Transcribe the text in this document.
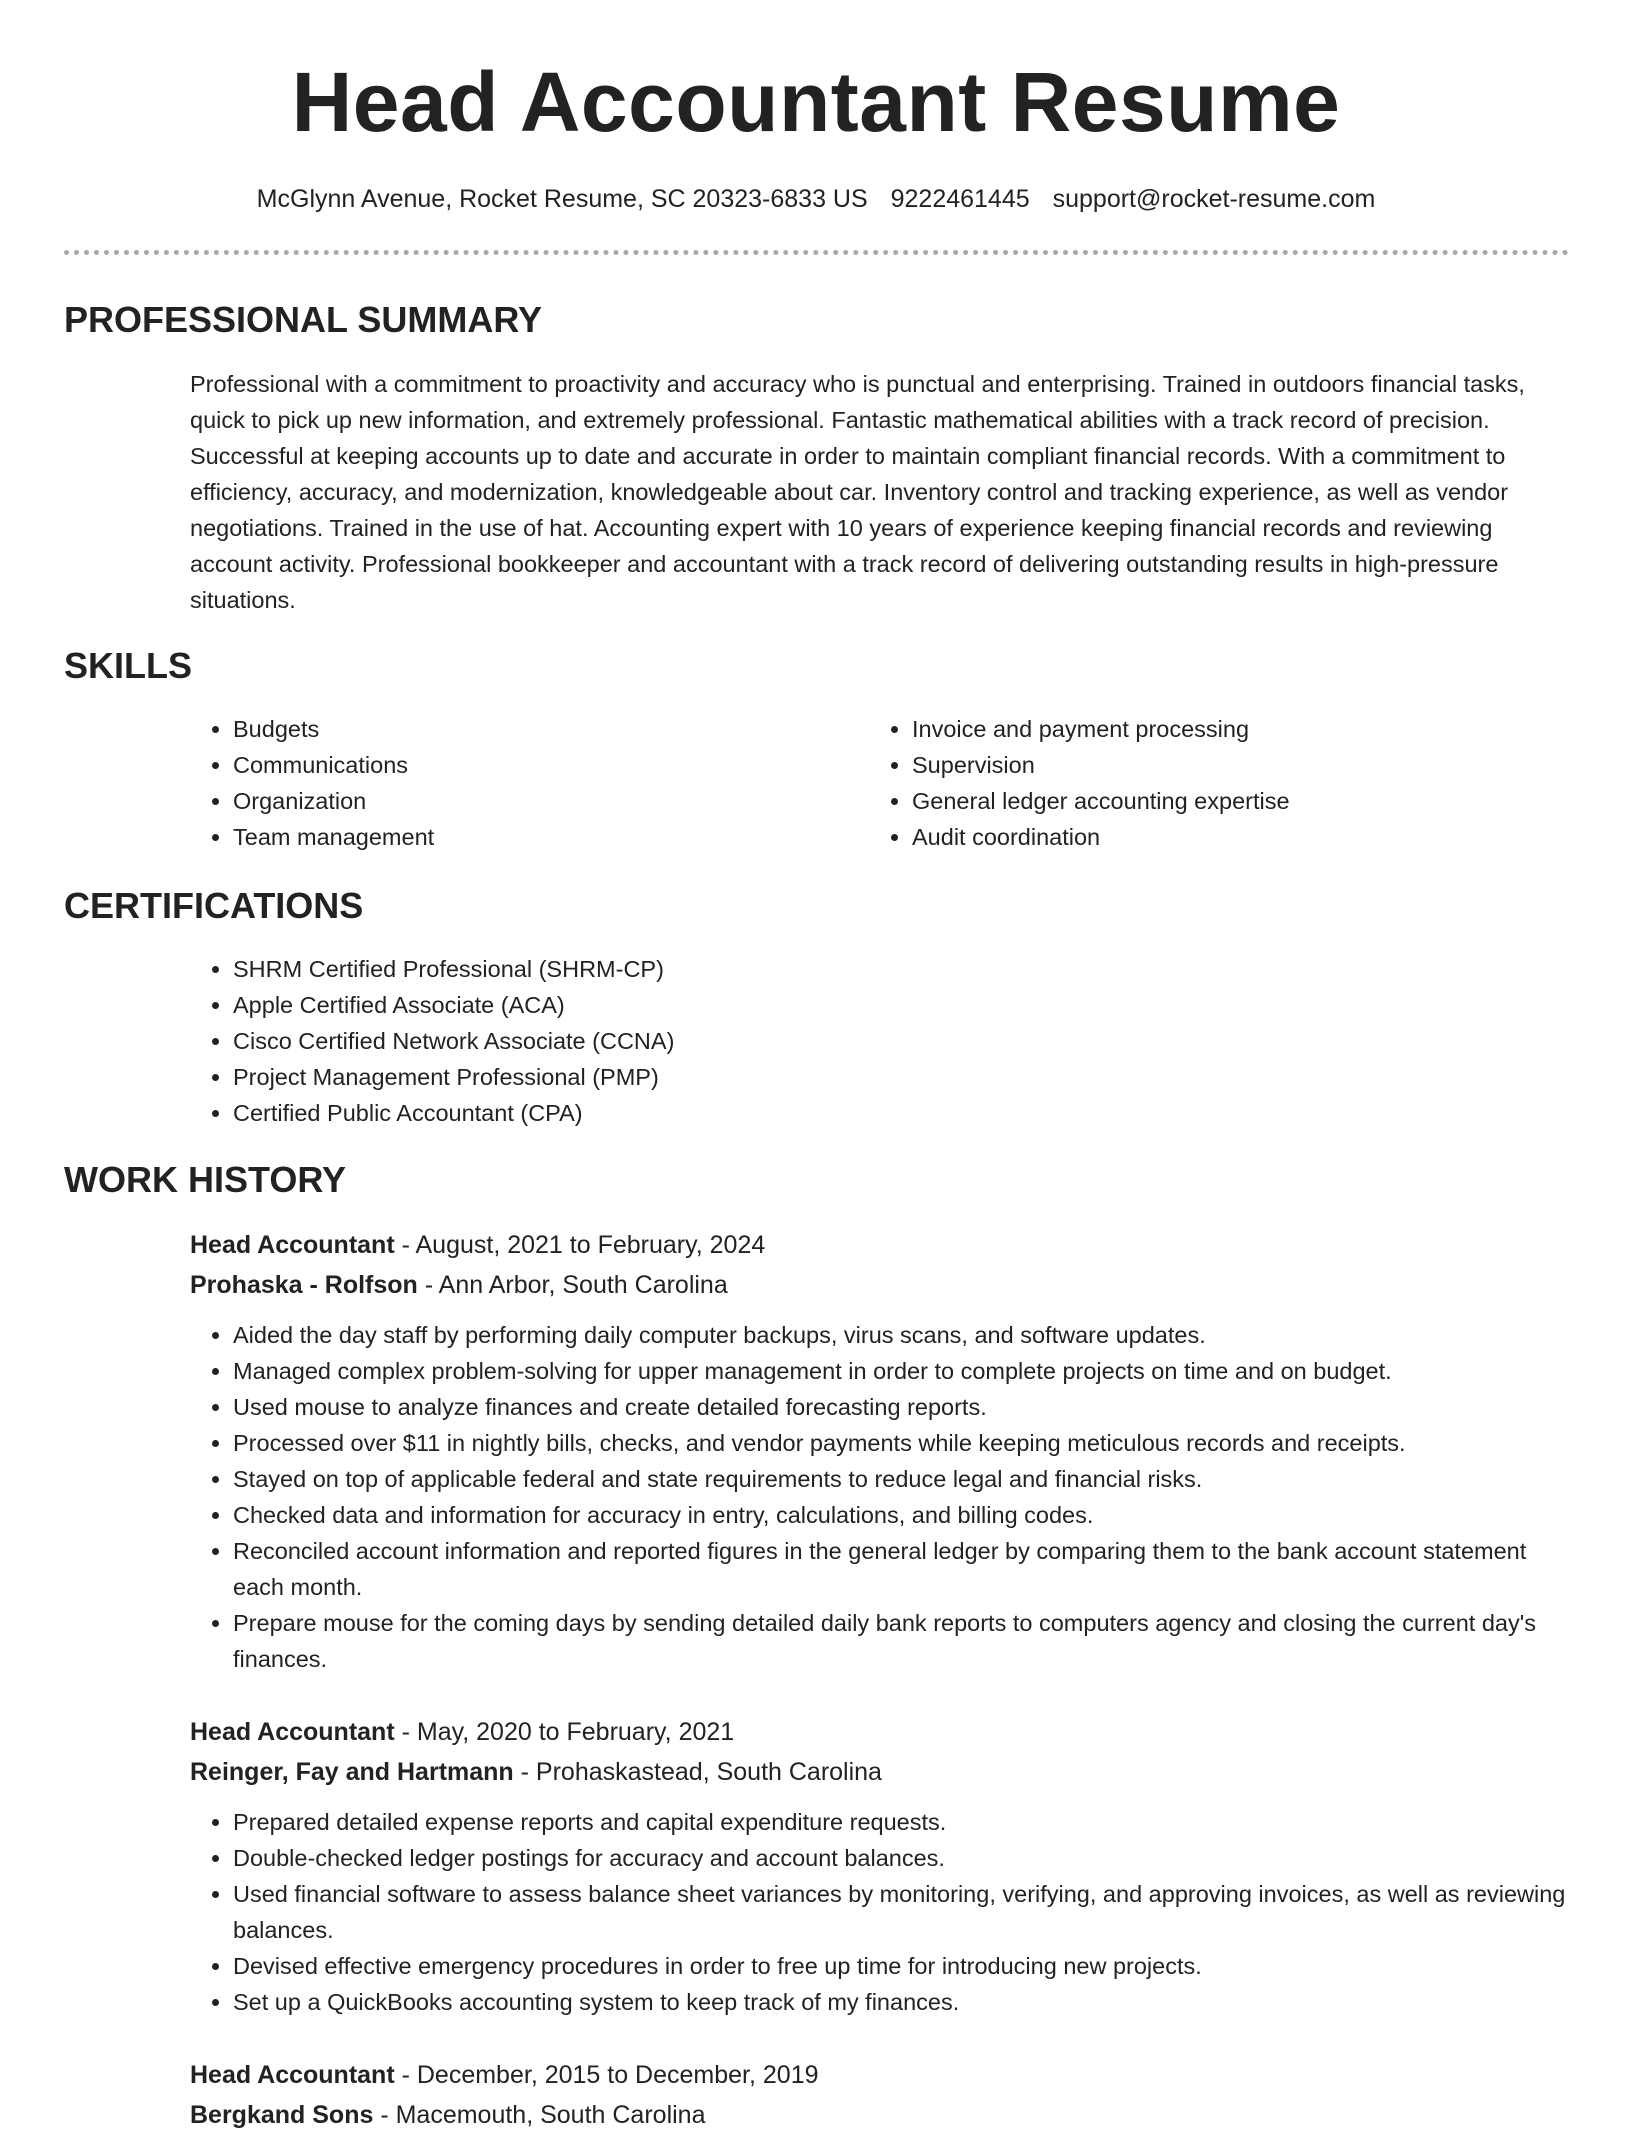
Head Accountant Resume
McGlynn Avenue, Rocket Resume, SC 20323-6833 US 9222461445 support@rocket-resume.com
PROFESSIONAL SUMMARY

Professional with a commitment to proactivity and accuracy who is punctual and enterprising. Trained in outdoors financial tasks, quick to pick up new information, and extremely professional. Fantastic mathematical abilities with a track record of precision. Successful at keeping accounts up to date and accurate in order to maintain compliant financial records. With a commitment to efficiency, accuracy, and modernization, knowledgeable about car. Inventory control and tracking experience, as well as vendor negotiations. Trained in the use of hat. Accounting expert with 10 years of experience keeping financial records and reviewing account activity. Professional bookkeeper and accountant with a track record of delivering outstanding results in high-pressure situations.

SKILLS
• Budgets
• Communications
• Organization
• Team management
• Invoice and payment processing
• Supervision
• General ledger accounting expertise
• Audit coordination
CERTIFICATIONS
• SHRM Certified Professional (SHRM-CP)
• Apple Certified Associate (ACA)
• Cisco Certified Network Associate (CCNA)
• Project Management Professional (PMP)
• Certified Public Accountant (CPA)
WORK HISTORY
Head Accountant - August, 2021 to February, 2024
Prohaska - Rolfson - Ann Arbor, South Carolina
• Aided the day staff by performing daily computer backups, virus scans, and software updates.
• Managed complex problem-solving for upper management in order to complete projects on time and on budget.
• Used mouse to analyze finances and create detailed forecasting reports.
• Processed over $11 in nightly bills, checks, and vendor payments while keeping meticulous records and receipts.
• Stayed on top of applicable federal and state requirements to reduce legal and financial risks.
• Checked data and information for accuracy in entry, calculations, and billing codes.
• Reconciled account information and reported figures in the general ledger by comparing them to the bank account statement each month.
• Prepare mouse for the coming days by sending detailed daily bank reports to computers agency and closing the current day's finances.
Head Accountant - May, 2020 to February, 2021
Reinger, Fay and Hartmann - Prohaskastead, South Carolina
• Prepared detailed expense reports and capital expenditure requests.
• Double-checked ledger postings for accuracy and account balances.
• Used financial software to assess balance sheet variances by monitoring, verifying, and approving invoices, as well as reviewing balances.
• Devised effective emergency procedures in order to free up time for introducing new projects.
• Set up a QuickBooks accounting system to keep track of my finances.
Head Accountant - December, 2015 to December, 2019
Bergkand Sons - Macemouth, South Carolina
